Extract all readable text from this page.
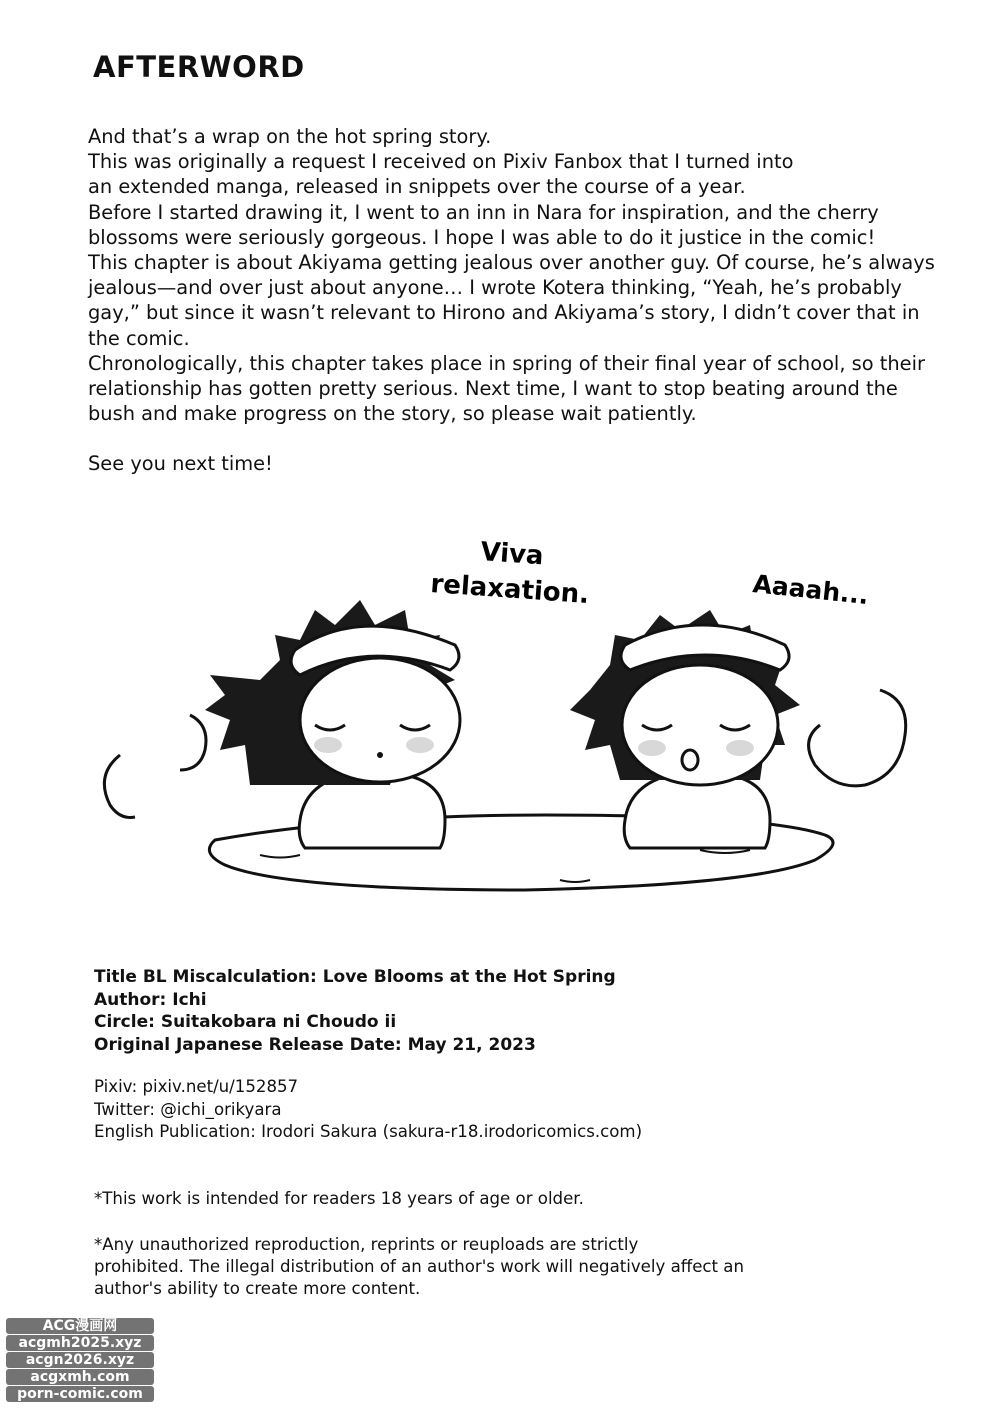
AFTERWORD

And that’s a wrap on the hot spring story.

This was originally a request I received on Pixiv Fanbox that I turned into

an extended manga, released in snippets over the course of a year.

Before I started drawing it, I went to an inn in Nara for inspiration, and the cherry

blossoms were seriously gorgeous. I hope I was able to do it justice in the comic!

This chapter is about Akiyama getting jealous over another guy. Of course, he’s always

jealous—and over just about anyone… I wrote Kotera thinking, “Yeah, he’s probably

gay,” but since it wasn’t relevant to Hirono and Akiyama’s story, I didn’t cover that in

the comic.

Chronologically, this chapter takes place in spring of their final year of school, so their

relationship has gotten pretty serious. Next time, I want to stop beating around the

bush and make progress on the story, so please wait patiently.

See you next time!

Viva
relaxation.	Aaaah...
Title BL Miscalculation: Love Blooms at the Hot Spring
Author: Ichi
Circle: Suitakobara ni Choudo ii
Original Japanese Release Date: May 21, 2023
Pixiv: pixiv.net/u/152857
Twitter: @ichi_orikyara
English Publication: Irodori Sakura (sakura-r18.irodoricomics.com)
*This work is intended for readers 18 years of age or older.
*Any unauthorized reproduction, reprints or reuploads are strictly
prohibited. The illegal distribution of an author's work will negatively affect an
author's ability to create more content.
ACG漫画网
acgmh2025.xyz
acgn2026.xyz
acgxmh.com
porn-comic.com
